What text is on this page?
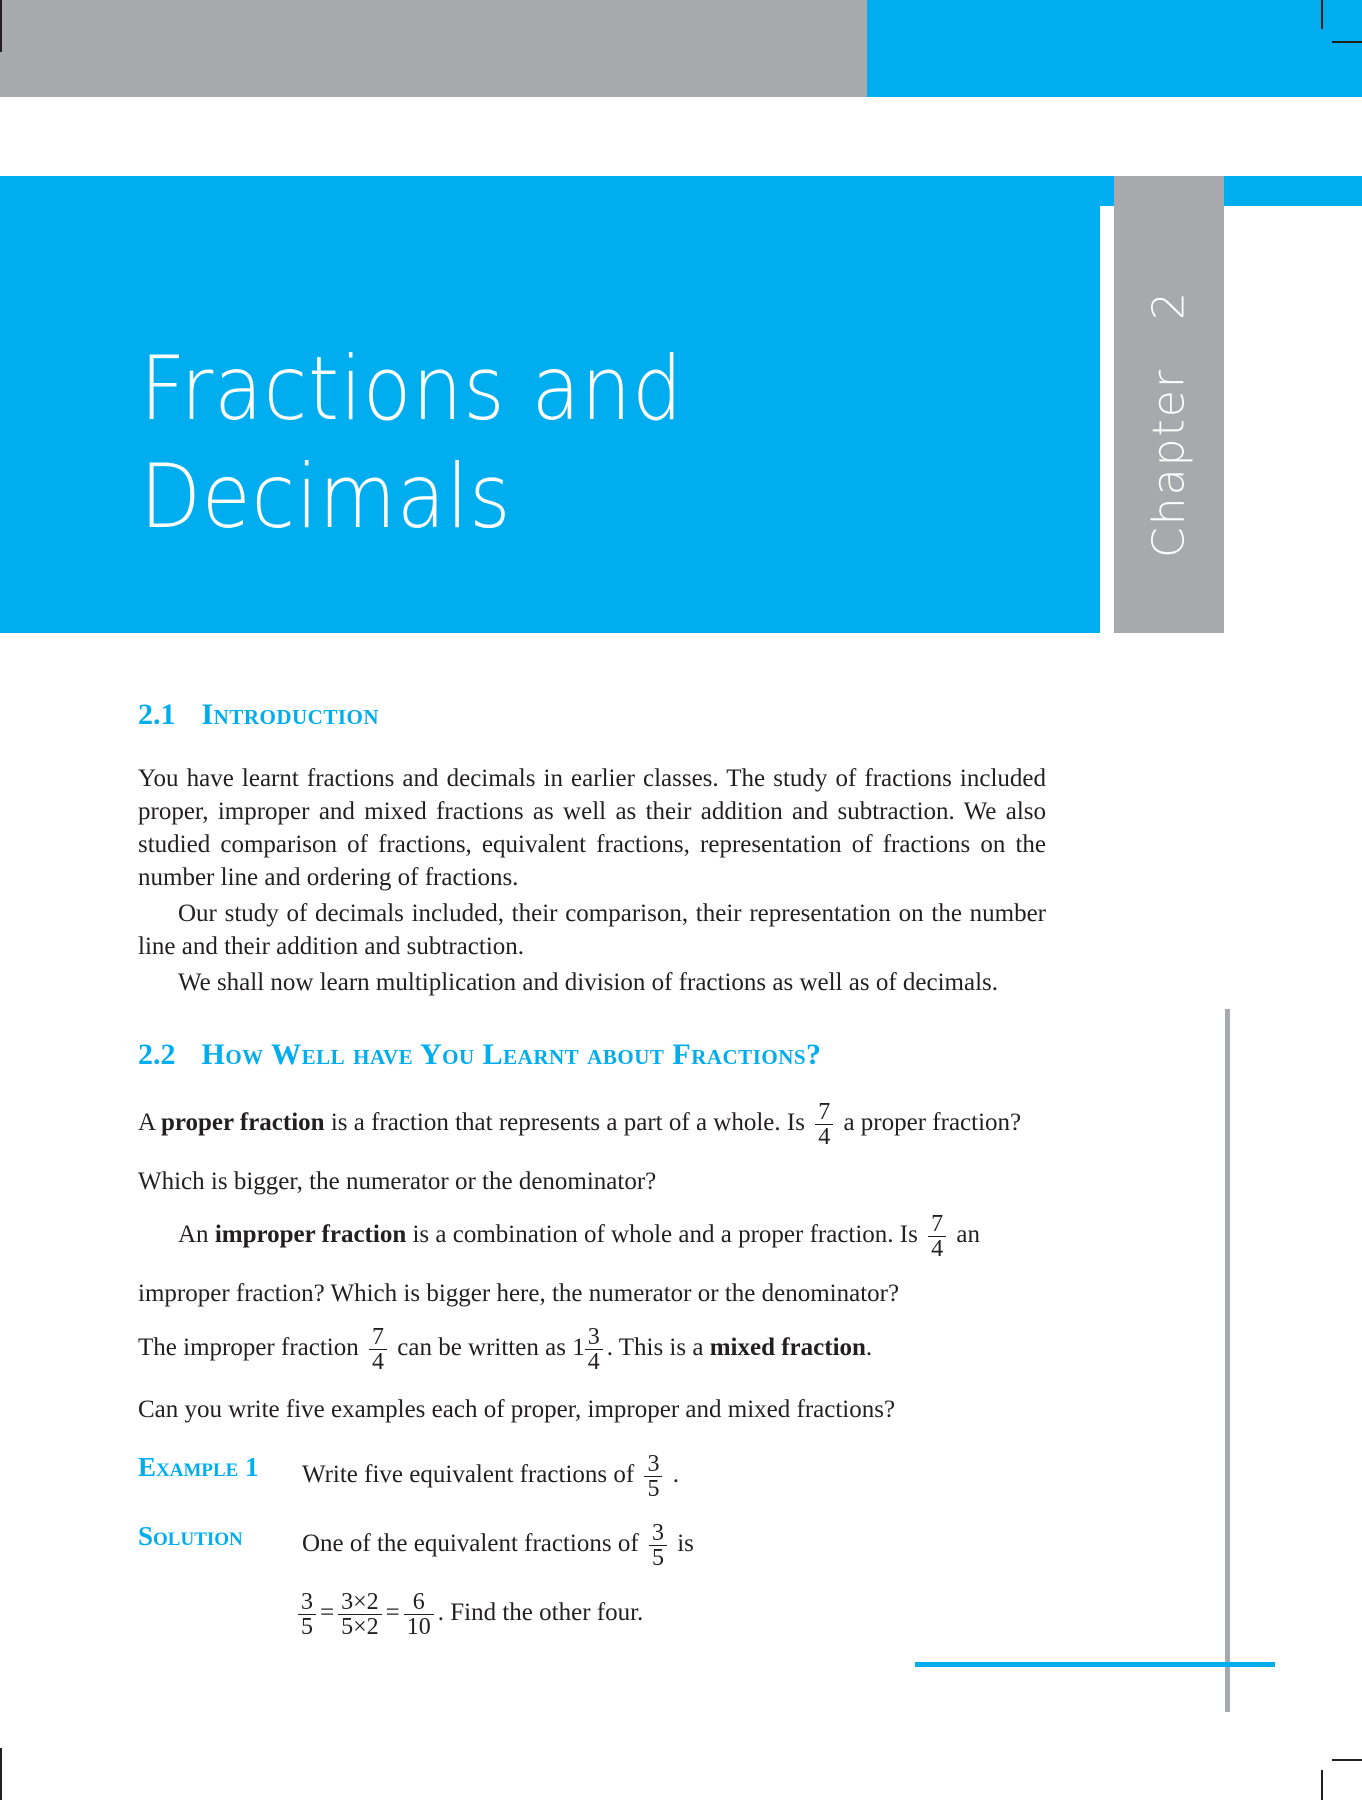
Chapter   2
Fractions and
Decimals
2.1 Introduction

You have learnt fractions and decimals in earlier classes. The study of fractions included proper, improper and mixed fractions as well as their addition and subtraction. We also studied comparison of fractions, equivalent fractions, representation of fractions on the number line and ordering of fractions.

Our study of decimals included, their comparison, their representation on the number line and their addition and subtraction.

We shall now learn multiplication and division of fractions as well as of decimals.

2.2 How Well have You Learnt about Fractions?
A proper fraction is a fraction that represents a part of a whole. Is $\frac{7}{4}$ a proper fraction?
Which is bigger, the numerator or the denominator?
An improper fraction is a combination of whole and a proper fraction. Is $\frac{7}{4}$ an
improper fraction? Which is bigger here, the numerator or the denominator?
The improper fraction $\frac{7}{4}$ can be written as $1 \frac{3}{4}$ . This is a mixed fraction.
Can you write five examples each of proper, improper and mixed fractions?
Example 1 Write five equivalent fractions of $\frac{3}{5}$ .
Solution One of the equivalent fractions of $\frac{3}{5}$ is
$\frac{3}{5} = \frac{3\times 2}{5\times 2} = \frac{6}{10}$ . Find the other four.
